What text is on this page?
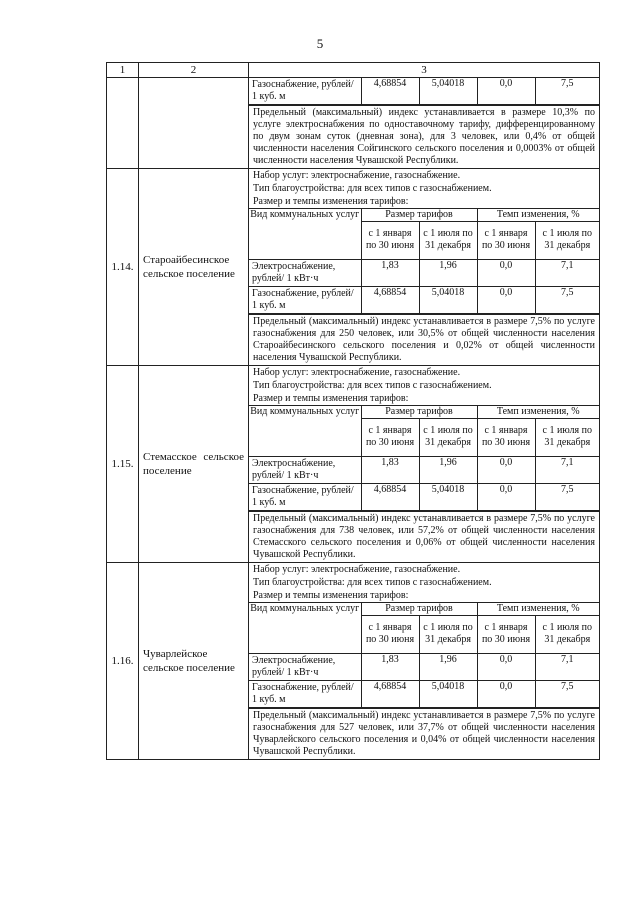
5
1	2	3

Газоснабжение, рублей/ 1 куб. м	4,68854	5,04018	0,0	7,5
Предельный (максимальный) индекс устанавливается в размере 10,3% по услуге электроснабжения по одноставочному тарифу, дифференцированному по двум зонам суток (дневная зона), для 3 человек, или 0,4% от общей численности населения Сойгинского сельского поселения и 0,0003% от общей численности населения Чувашской Республики.

1.14.	Староайбесинское сельское поселение	
Набор услуг: электроснабжение, газоснабжение.
Тип благоустройства: для всех типов с газоснабжением.
Размер и темпы изменения тарифов:
Вид коммунальных услуг	Размер тарифов	Темп изменения, %
с 1 января по 30 июня	с 1 июля по 31 декабря	с 1 января по 30 июня	с 1 июля по 31 декабря
Электроснабжение, рублей/ 1 кВт·ч	1,83	1,96	0,0	7,1
Газоснабжение, рублей/ 1 куб. м	4,68854	5,04018	0,0	7,5
Предельный (максимальный) индекс устанавливается в размере 7,5% по услуге газоснабжения для 250 человек, или 30,5% от общей численности населения Староайбесинского сельского поселения и 0,02% от общей численности населения Чувашской Республики.

1.15.	Стемасское сельское поселение	
Набор услуг: электроснабжение, газоснабжение.
Тип благоустройства: для всех типов с газоснабжением.
Размер и темпы изменения тарифов:
Вид коммунальных услуг	Размер тарифов	Темп изменения, %
с 1 января по 30 июня	с 1 июля по 31 декабря	с 1 января по 30 июня	с 1 июля по 31 декабря
Электроснабжение, рублей/ 1 кВт·ч	1,83	1,96	0,0	7,1
Газоснабжение, рублей/ 1 куб. м	4,68854	5,04018	0,0	7,5
Предельный (максимальный) индекс устанавливается в размере 7,5% по услуге газоснабжения для 738 человек, или 57,2% от общей численности населения Стемасского сельского поселения и 0,06% от общей численности населения Чувашской Республики.

1.16.	Чуварлейское сельское поселение	
Набор услуг: электроснабжение, газоснабжение.
Тип благоустройства: для всех типов с газоснабжением.
Размер и темпы изменения тарифов:
Вид коммунальных услуг	Размер тарифов	Темп изменения, %
с 1 января по 30 июня	с 1 июля по 31 декабря	с 1 января по 30 июня	с 1 июля по 31 декабря
Электроснабжение, рублей/ 1 кВт·ч	1,83	1,96	0,0	7,1
Газоснабжение, рублей/ 1 куб. м	4,68854	5,04018	0,0	7,5
Предельный (максимальный) индекс устанавливается в размере 7,5% по услуге газоснабжения для 527 человек, или 37,7% от общей численности населения Чуварлейского сельского поселения и 0,04% от общей численности населения Чувашской Республики.
